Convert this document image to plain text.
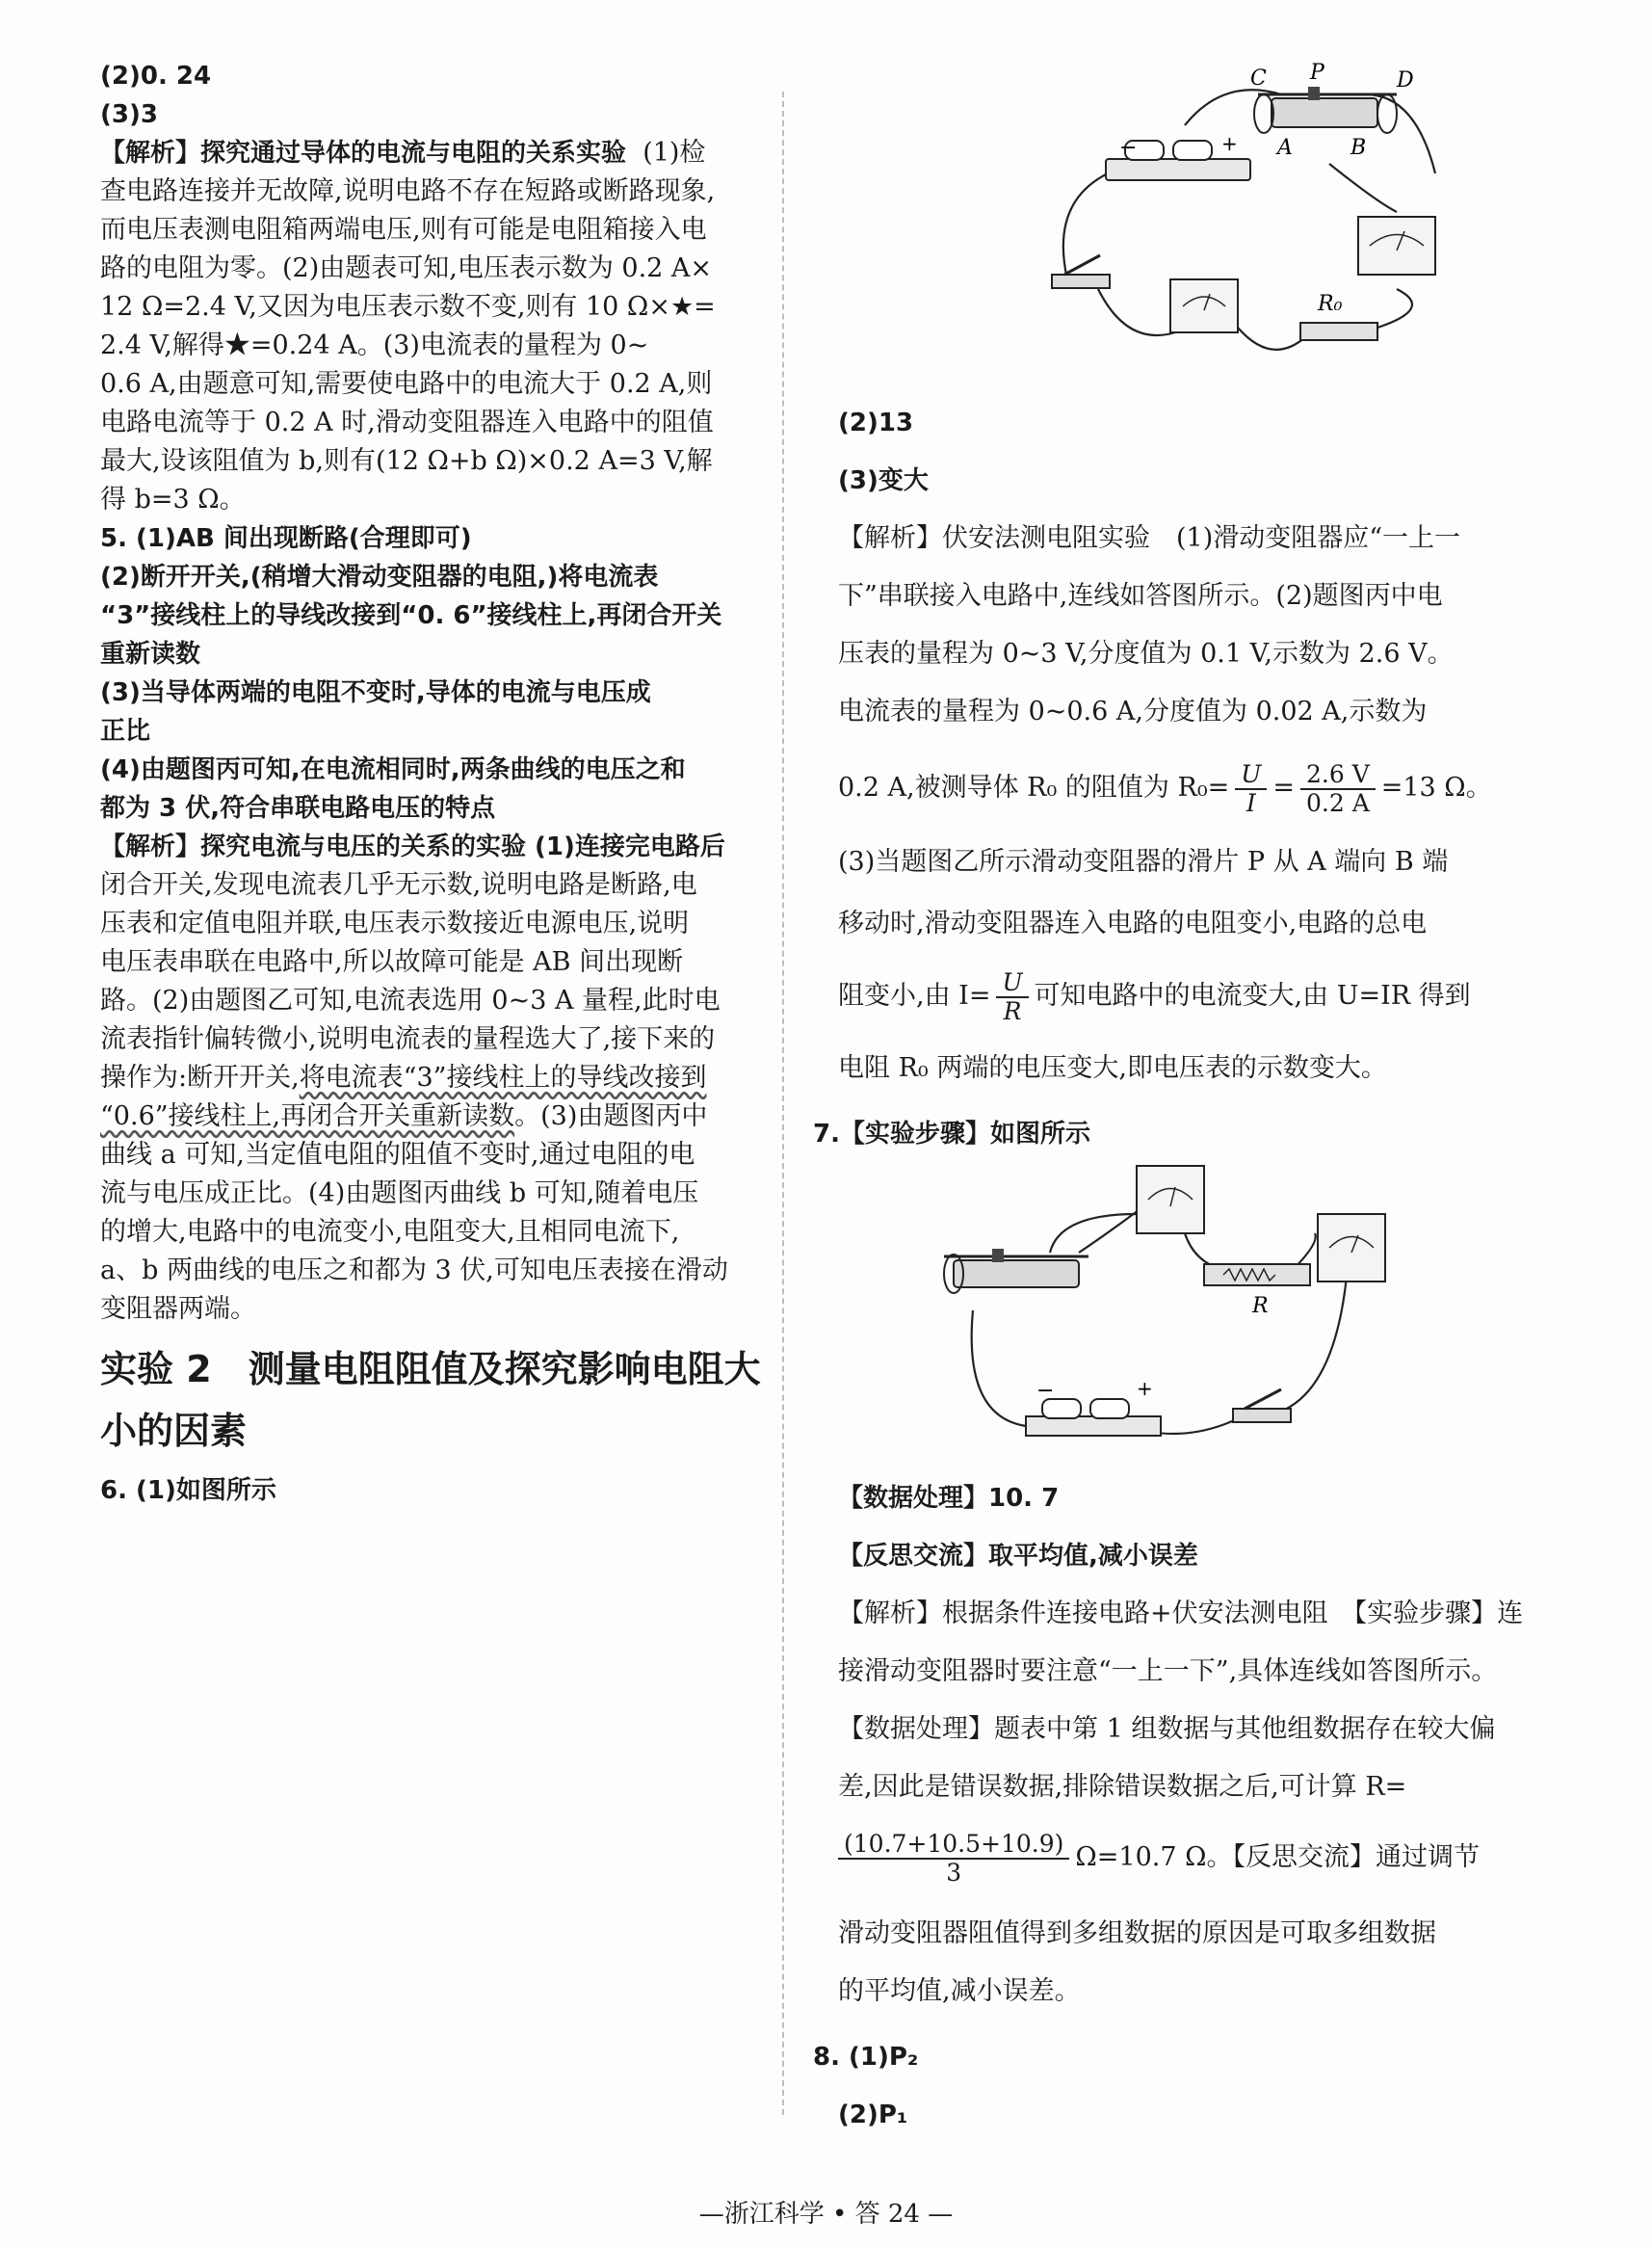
(2)0. 24
(3)3
【解析】探究通过导体的电流与电阻的关系实验 (1)检
查电路连接并无故障,说明电路不存在短路或断路现象,
而电压表测电阻箱两端电压,则有可能是电阻箱接入电
路的电阻为零。(2)由题表可知,电压表示数为 0.2 A×
12 Ω=2.4 V,又因为电压表示数不变,则有 10 Ω×★=
2.4 V,解得★=0.24 A。(3)电流表的量程为 0~
0.6 A,由题意可知,需要使电路中的电流大于 0.2 A,则
电路电流等于 0.2 A 时,滑动变阻器连入电路中的阻值
最大,设该阻值为 b,则有(12 Ω+b Ω)×0.2 A=3 V,解
得 b=3 Ω。
5. (1)AB 间出现断路(合理即可)
(2)断开开关,(稍增大滑动变阻器的电阻,)将电流表
“3”接线柱上的导线改接到“0. 6”接线柱上,再闭合开关
重新读数
(3)当导体两端的电阻不变时,导体的电流与电压成
正比
(4)由题图丙可知,在电流相同时,两条曲线的电压之和
都为 3 伏,符合串联电路电压的特点
【解析】探究电流与电压的关系的实验 (1)连接完电路后
闭合开关,发现电流表几乎无示数,说明电路是断路,电
压表和定值电阻并联,电压表示数接近电源电压,说明
电压表串联在电路中,所以故障可能是 AB 间出现断
路。(2)由题图乙可知,电流表选用 0~3 A 量程,此时电
流表指针偏转微小,说明电流表的量程选大了,接下来的
操作为:断开开关,将电流表“3”接线柱上的导线改接到
“0.6”接线柱上,再闭合开关重新读数。(3)由题图丙中
曲线 a 可知,当定值电阻的阻值不变时,通过电阻的电
流与电压成正比。(4)由题图丙曲线 b 可知,随着电压
的增大,电路中的电流变小,电阻变大,且相同电流下,
a、b 两曲线的电压之和都为 3 伏,可知电压表接在滑动
变阻器两端。
实验 2　测量电阻阻值及探究影响电阻大
小的因素
6. (1)如图所示
−	+
C P	D
A	B
R₀
(2)13
(3)变大
【解析】伏安法测电阻实验　(1)滑动变阻器应“一上一
下”串联接入电路中,连线如答图所示。(2)题图丙中电
压表的量程为 0~3 V,分度值为 0.1 V,示数为 2.6 V。
电流表的量程为 0~0.6 A,分度值为 0.02 A,示数为
0.2 A,被测导体 R₀ 的阻值为 $R_0= \frac{U}{I} = \frac{2.6 V}{0.2 A} =13$ Ω。
(3)当题图乙所示滑动变阻器的滑片 P 从 A 端向 B 端
移动时,滑动变阻器连入电路的电阻变小,电路的总电
阻变小,由 $I= \frac{U}{R}$ 可知电路中的电流变大,由 U=IR 得到
电阻 R₀ 两端的电压变大,即电压表的示数变大。
7.【实验步骤】如图所示
R
−	+
【数据处理】10. 7
【反思交流】取平均值,减小误差
【解析】根据条件连接电路+伏安法测电阻　【实验步骤】连
接滑动变阻器时要注意“一上一下”,具体连线如答图所示。
【数据处理】题表中第 1 组数据与其他组数据存在较大偏
差,因此是错误数据,排除错误数据之后,可计算 R=
$\frac{(10.7+10.5+10.9)}{3} \Omega=10.7$ Ω。【反思交流】通过调节
滑动变阻器阻值得到多组数据的原因是可取多组数据
的平均值,减小误差。
8. (1)P₂
(2)P₁
—浙江科学 • 答 24 —
